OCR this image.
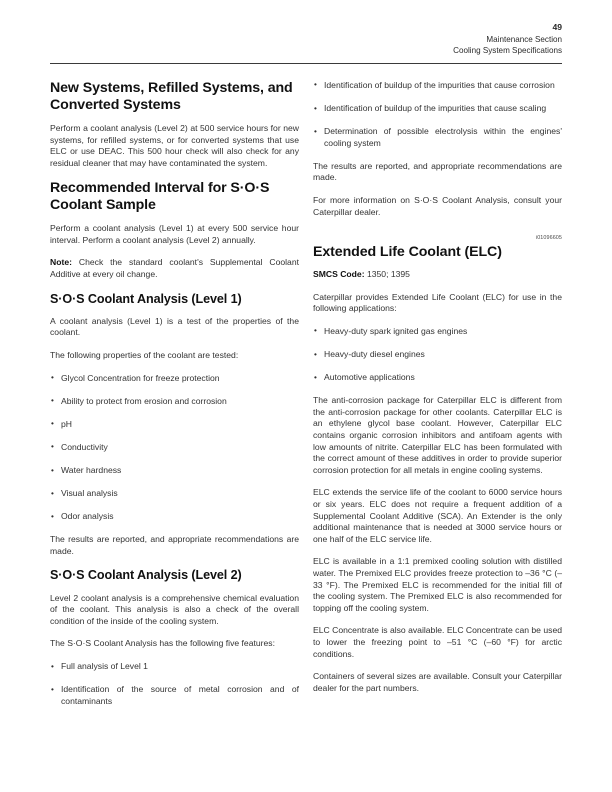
49
Maintenance Section
Cooling System Specifications
New Systems, Refilled Systems, and Converted Systems

Perform a coolant analysis (Level 2) at 500 service hours for new systems, for refilled systems, or for converted systems that use ELC or use DEAC. This 500 hour check will also check for any residual cleaner that may have contaminated the system.

Recommended Interval for S·O·S Coolant Sample

Perform a coolant analysis (Level 1) at every 500 service hour interval. Perform a coolant analysis (Level 2) annually.

Note: Check the standard coolant's Supplemental Coolant Additive at every oil change.

S·O·S Coolant Analysis (Level 1)

A coolant analysis (Level 1) is a test of the properties of the coolant.

The following properties of the coolant are tested:

• Glycol Concentration for freeze protection
• Ability to protect from erosion and corrosion
• pH
• Conductivity
• Water hardness
• Visual analysis
• Odor analysis

The results are reported, and appropriate recommendations are made.

S·O·S Coolant Analysis (Level 2)

Level 2 coolant analysis is a comprehensive chemical evaluation of the coolant. This analysis is also a check of the overall condition of the inside of the cooling system.

The S·O·S Coolant Analysis has the following five features:

• Full analysis of Level 1
• Identification of the source of metal corrosion and of contaminants
• Identification of buildup of the impurities that cause corrosion
• Identification of buildup of the impurities that cause scaling
• Determination of possible electrolysis within the engines' cooling system

The results are reported, and appropriate recommendations are made.

For more information on S·O·S Coolant Analysis, consult your Caterpillar dealer.

i01096605
Extended Life Coolant (ELC)

SMCS Code: 1350; 1395

Caterpillar provides Extended Life Coolant (ELC) for use in the following applications:

• Heavy-duty spark ignited gas engines
• Heavy-duty diesel engines
• Automotive applications

The anti-corrosion package for Caterpillar ELC is different from the anti-corrosion package for other coolants. Caterpillar ELC is an ethylene glycol base coolant. However, Caterpillar ELC contains organic corrosion inhibitors and antifoam agents with low amounts of nitrite. Caterpillar ELC has been formulated with the correct amount of these additives in order to provide superior corrosion protection for all metals in engine cooling systems.

ELC extends the service life of the coolant to 6000 service hours or six years. ELC does not require a frequent addition of a Supplemental Coolant Additive (SCA). An Extender is the only additional maintenance that is needed at 3000 service hours or one half of the ELC service life.

ELC is available in a 1:1 premixed cooling solution with distilled water. The Premixed ELC provides freeze protection to –36 °C (–33 °F). The Premixed ELC is recommended for the initial fill of the cooling system. The Premixed ELC is also recommended for topping off the cooling system.

ELC Concentrate is also available. ELC Concentrate can be used to lower the freezing point to –51 °C (–60 °F) for arctic conditions.

Containers of several sizes are available. Consult your Caterpillar dealer for the part numbers.
